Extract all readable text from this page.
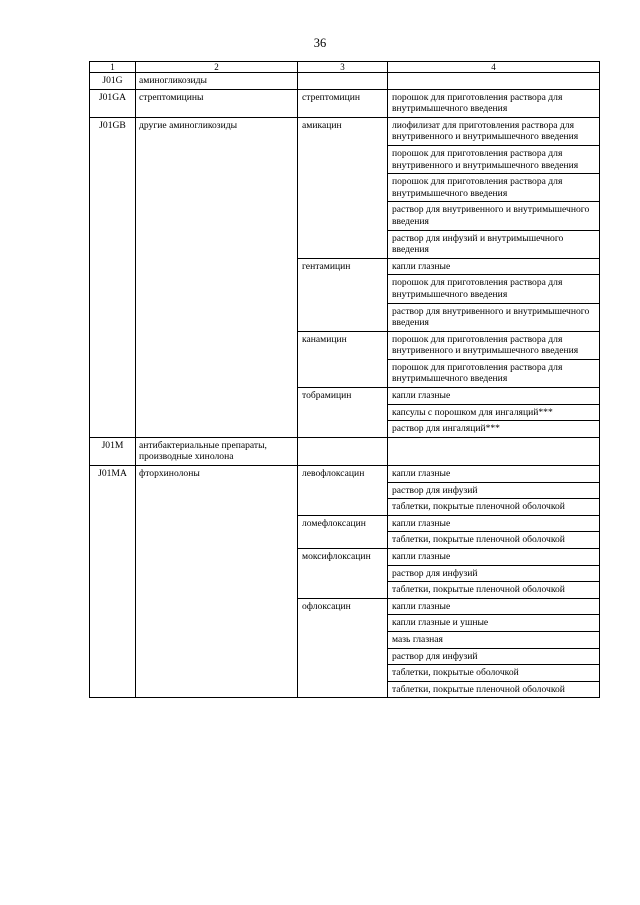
36
1	2	3	4
J01G	аминогликозиды		
J01GA	стрептомицины	стрептомицин	порошок для приготовления раствора для внутримышечного введения
J01GB	другие аминогликозиды	амикацин	лиофилизат для приготовления раствора для внутривенного и внутримышечного введения
			порошок для приготовления раствора для внутривенного и внутримышечного введения
			порошок для приготовления раствора для внутримышечного введения
			раствор для внутривенного и внутримышечного введения
			раствор для инфузий и внутримышечного введения
		гентамицин	капли глазные
			порошок для приготовления раствора для внутримышечного введения
			раствор для внутривенного и внутримышечного введения
		канамицин	порошок для приготовления раствора для внутривенного и внутримышечного введения
			порошок для приготовления раствора для внутримышечного введения
		тобрамицин	капли глазные
			капсулы с порошком для ингаляций***
			раствор для ингаляций***
J01M	антибактериальные препараты, производные хинолона		
J01MA	фторхинолоны	левофлоксацин	капли глазные
			раствор для инфузий
			таблетки, покрытые пленочной оболочкой
		ломефлоксацин	капли глазные
			таблетки, покрытые пленочной оболочкой
		моксифлоксацин	капли глазные
			раствор для инфузий
			таблетки, покрытые пленочной оболочкой
		офлоксацин	капли глазные
			капли глазные и ушные
			мазь глазная
			раствор для инфузий
			таблетки, покрытые оболочкой
			таблетки, покрытые пленочной оболочкой
